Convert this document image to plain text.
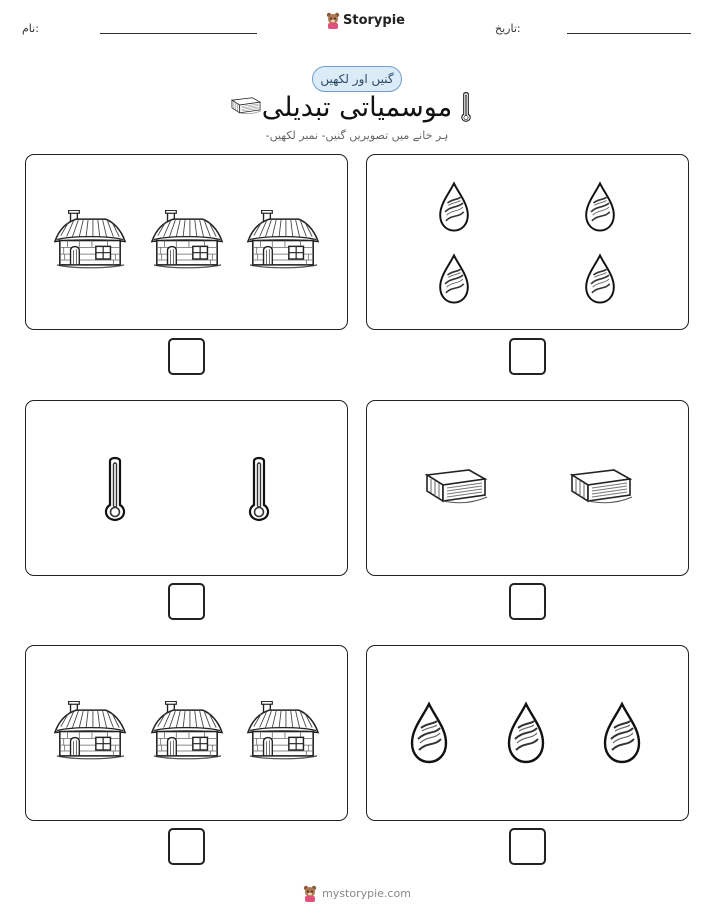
نام:
Storypie
تاریخ:
گنیں اور لکھیں
موسمیاتی تبدیلی
ہر خانے میں تصویریں گنیں- نمبر لکھیں-
mystorypie.com
